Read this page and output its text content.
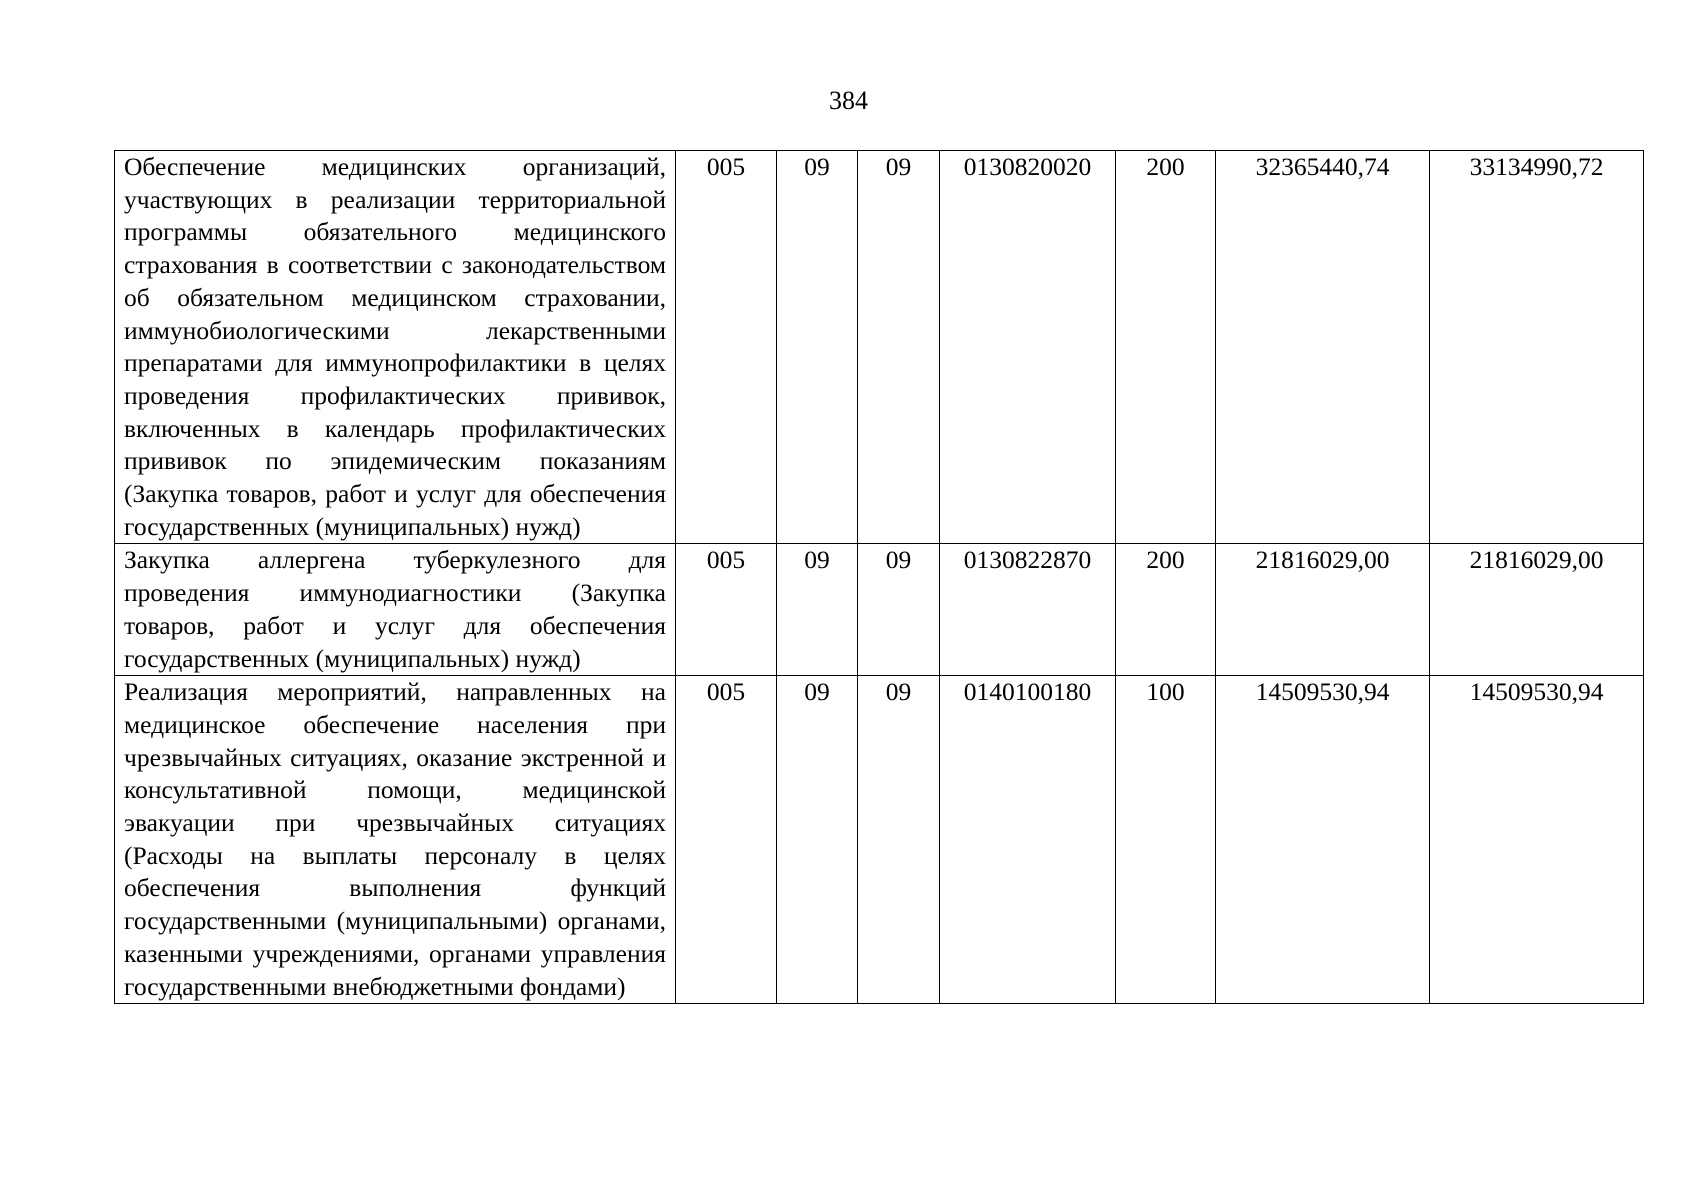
384
Обеспечение медицинских организаций, участвующих в реализации территориальной программы обязательного медицинского страхования в соответствии с законодательством об обязательном медицинском страховании, иммунобиологическими лекарственными препаратами для иммунопрофилактики в целях проведения профилактических прививок, включенных в календарь профилактических прививок по эпидемическим показаниям (Закупка товаров, работ и услуг для обеспечения государственных (муниципальных) нужд)	005	09	09	0130820020	200	32365440,74	33134990,72
Закупка аллергена туберкулезного для проведения иммунодиагностики (Закупка товаров, работ и услуг для обеспечения государственных (муниципальных) нужд)	005	09	09	0130822870	200	21816029,00	21816029,00
Реализация мероприятий, направленных на медицинское обеспечение населения при чрезвычайных ситуациях, оказание экстренной и консультативной помощи, медицинской эвакуации при чрезвычайных ситуациях (Расходы на выплаты персоналу в целях обеспечения выполнения функций государственными (муниципальными) органами, казенными учреждениями, органами управления государственными внебюджетными фондами)	005	09	09	0140100180	100	14509530,94	14509530,94
